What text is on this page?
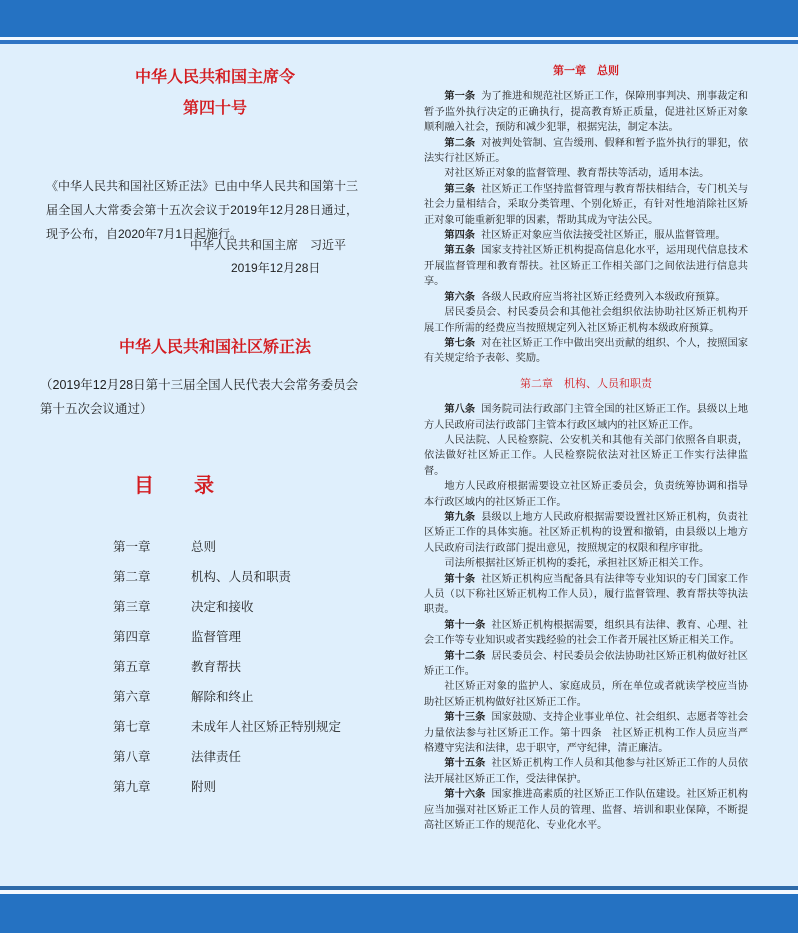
中华人民共和国主席令
第四十号
《中华人民共和国社区矫正法》已由中华人民共和国第十三届全国人大常委会第十五次会议于2019年12月28日通过，现予公布，自2020年7月1日起施行。
中华人民共和国主席　习近平
2019年12月28日
中华人民共和国社区矫正法
（2019年12月28日第十三届全国人民代表大会常务委员会第十五次会议通过）
目　　录
第一章	总则
第二章	机构、人员和职责
第三章	决定和接收
第四章	监督管理
第五章	教育帮扶
第六章	解除和终止
第七章	未成年人社区矫正特别规定
第八章	法律责任
第九章	附则
第一章　总则

第一条 为了推进和规范社区矫正工作，保障刑事判决、刑事裁定和暂予监外执行决定的正确执行，提高教育矫正质量，促进社区矫正对象顺利融入社会，预防和减少犯罪，根据宪法，制定本法。

第二条 对被判处管制、宣告缓刑、假释和暂予监外执行的罪犯，依法实行社区矫正。

对社区矫正对象的监督管理、教育帮扶等活动，适用本法。

第三条 社区矫正工作坚持监督管理与教育帮扶相结合，专门机关与社会力量相结合，采取分类管理、个别化矫正，有针对性地消除社区矫正对象可能重新犯罪的因素，帮助其成为守法公民。

第四条 社区矫正对象应当依法接受社区矫正，服从监督管理。

第五条 国家支持社区矫正机构提高信息化水平，运用现代信息技术开展监督管理和教育帮扶。社区矫正工作相关部门之间依法进行信息共享。

第六条 各级人民政府应当将社区矫正经费列入本级政府预算。

居民委员会、村民委员会和其他社会组织依法协助社区矫正机构开展工作所需的经费应当按照规定列入社区矫正机构本级政府预算。

第七条 对在社区矫正工作中做出突出贡献的组织、个人，按照国家有关规定给予表彰、奖励。

第二章　机构、人员和职责

第八条 国务院司法行政部门主管全国的社区矫正工作。县级以上地方人民政府司法行政部门主管本行政区域内的社区矫正工作。

人民法院、人民检察院、公安机关和其他有关部门依照各自职责，依法做好社区矫正工作。人民检察院依法对社区矫正工作实行法律监督。

地方人民政府根据需要设立社区矫正委员会，负责统筹协调和指导本行政区域内的社区矫正工作。

第九条 县级以上地方人民政府根据需要设置社区矫正机构，负责社区矫正工作的具体实施。社区矫正机构的设置和撤销，由县级以上地方人民政府司法行政部门提出意见，按照规定的权限和程序审批。

司法所根据社区矫正机构的委托，承担社区矫正相关工作。

第十条 社区矫正机构应当配备具有法律等专业知识的专门国家工作人员（以下称社区矫正机构工作人员），履行监督管理、教育帮扶等执法职责。

第十一条 社区矫正机构根据需要，组织具有法律、教育、心理、社会工作等专业知识或者实践经验的社会工作者开展社区矫正相关工作。

第十二条 居民委员会、村民委员会依法协助社区矫正机构做好社区矫正工作。

社区矫正对象的监护人、家庭成员，所在单位或者就读学校应当协助社区矫正机构做好社区矫正工作。

第十三条 国家鼓励、支持企业事业单位、社会组织、志愿者等社会力量依法参与社区矫正工作。第十四条　社区矫正机构工作人员应当严格遵守宪法和法律，忠于职守，严守纪律，清正廉洁。

第十五条 社区矫正机构工作人员和其他参与社区矫正工作的人员依法开展社区矫正工作，受法律保护。

第十六条 国家推进高素质的社区矫正工作队伍建设。社区矫正机构应当加强对社区矫正工作人员的管理、监督、培训和职业保障，不断提高社区矫正工作的规范化、专业化水平。
